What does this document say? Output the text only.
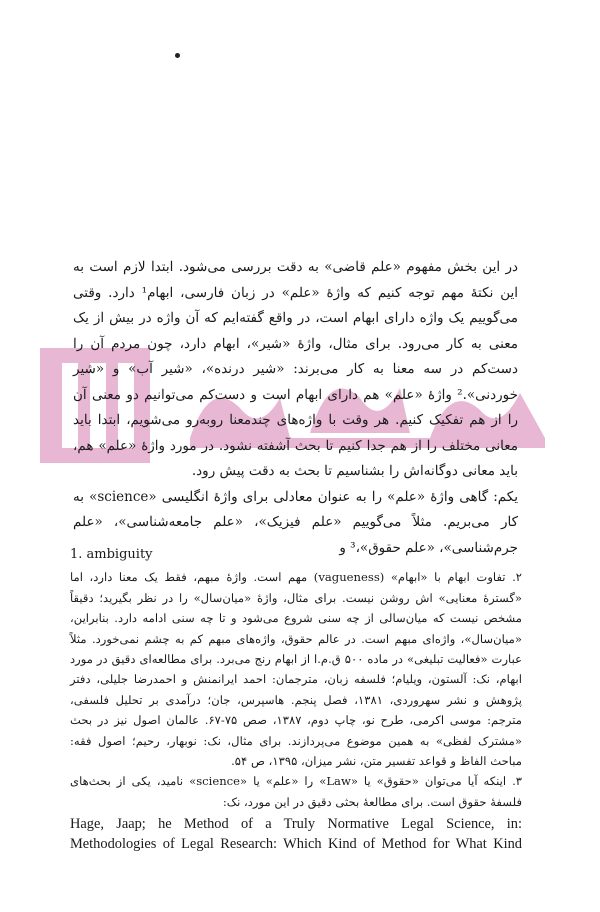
در این بخش مفهوم «علم قاضی» به دقت بررسی می‌شود. ابتدا لازم است به این نکتهٔ مهم توجه کنیم که واژهٔ «علم» در زبان فارسی، ابهام¹ دارد. وقتی می‌گوییم یک واژه دارای ابهام است، در واقع گفته‌ایم که آن واژه در بیش از یک معنی به کار می‌رود. برای مثال، واژهٔ «شیر»، ابهام دارد، چون مردم آن را دست‌کم در سه معنا به کار می‌برند: «شیر درنده»، «شیر آب» و «شیر خوردنی».² واژهٔ «علم» هم دارای ابهام است و دست‌کم می‌توانیم دو معنی آن را از هم تفکیک کنیم. هر وقت با واژه‌های چندمعنا روبه‌رو می‌شویم، ابتدا باید معانی مختلف را از هم جدا کنیم تا بحث آشفته نشود. در مورد واژهٔ «علم» هم، باید معانی دوگانه‌اش را بشناسیم تا بحث به دقت پیش رود.

یکم: گاهی واژهٔ «علم» را به عنوان معادلی برای واژهٔ انگلیسی «science» به کار می‌بریم. مثلاً می‌گوییم «علم فیزیک»، «علم جامعه‌شناسی»، «علم جرم‌شناسی»، «علم حقوق»،³ و

1. ambiguity

۲. تفاوت ابهام با «ابهام» (vagueness) مهم است. واژهٔ مبهم، فقط یک معنا دارد، اما «گسترهٔ معنایی» اش روشن نیست. برای مثال، واژهٔ «میان‌سال» را در نظر بگیرید؛ دقیقاً مشخص نیست که میان‌سالی از چه سنی شروع می‌شود و تا چه سنی ادامه دارد. بنابراین، «میان‌سال»، واژه‌ای مبهم است. در عالم حقوق، واژه‌های مبهم کم به چشم نمی‌خورد. مثلاً عبارت «فعالیت تبلیغی» در ماده ۵۰۰ ق.م.ا از ابهام رنج می‌برد. برای مطالعه‌ای دقیق در مورد ابهام، نک: آلستون، ویلیام؛ فلسفه زبان، مترجمان: احمد ایرانمنش و احمدرضا جلیلی، دفتر پژوهش و نشر سهروردی، ۱۳۸۱، فصل پنجم. هاسپرس، جان؛ درآمدی بر تحلیل فلسفی، مترجم: موسی اکرمی، طرح نو، چاپ دوم، ۱۳۸۷، صص ۷۵-۶۷. عالمان اصول نیز در بحث «مشترک لفظی» به همین موضوع می‌پردازند. برای مثال، نک: نوبهار، رحیم؛ اصول فقه: مباحث الفاظ و قواعد تفسیر متن، نشر میزان، ۱۳۹۵، ص ۵۴.

۳. اینکه آیا می‌توان «حقوق» یا «Law» را «علم» یا «science» نامید، یکی از بحث‌های فلسفهٔ حقوق است. برای مطالعهٔ بحثی دقیق در این مورد، نک:

Hage, Jaap; he Method of a Truly Normative Legal Science, in: Methodologies of Legal Research: Which Kind of Method for What Kind
